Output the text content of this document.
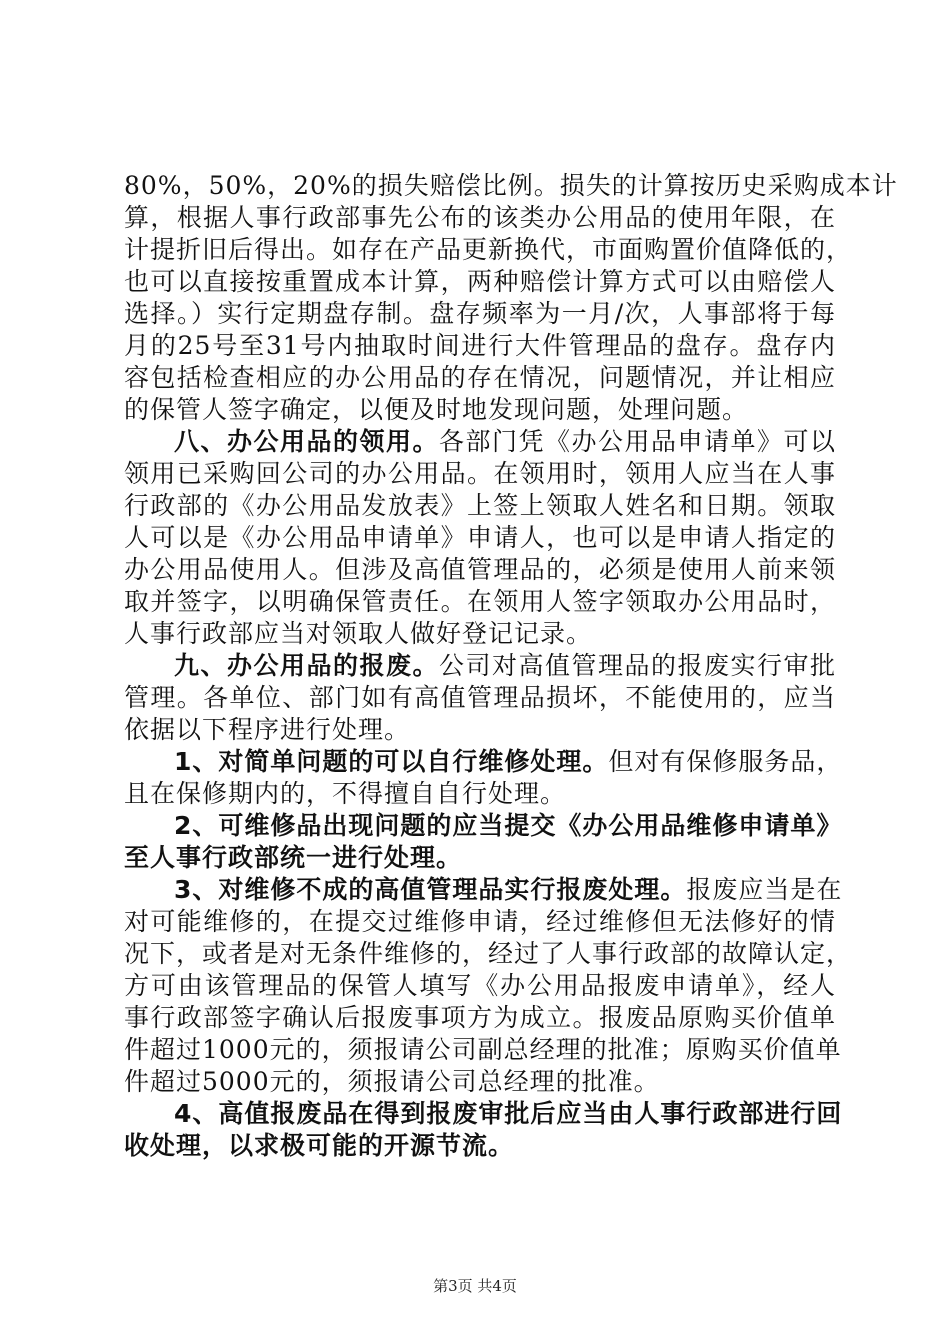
80%，50%，20%的损失赔偿比例。损失的计算按历史采购成本计
算，根据人事行政部事先公布的该类办公用品的使用年限，在
计提折旧后得出。如存在产品更新换代，市面购置价值降低的，
也可以直接按重置成本计算，两种赔偿计算方式可以由赔偿人
选择。）实行定期盘存制。盘存频率为一月/次，人事部将于每
月的25号至31号内抽取时间进行大件管理品的盘存。盘存内
容包括检查相应的办公用品的存在情况，问题情况，并让相应
的保管人签字确定，以便及时地发现问题，处理问题。
八、办公用品的领用。各部门凭《办公用品申请单》可以
领用已采购回公司的办公用品。在领用时，领用人应当在人事
行政部的《办公用品发放表》上签上领取人姓名和日期。领取
人可以是《办公用品申请单》申请人，也可以是申请人指定的
办公用品使用人。但涉及高值管理品的，必须是使用人前来领
取并签字，以明确保管责任。在领用人签字领取办公用品时，
人事行政部应当对领取人做好登记记录。
九、办公用品的报废。公司对高值管理品的报废实行审批
管理。各单位、部门如有高值管理品损坏，不能使用的，应当
依据以下程序进行处理。
1、对简单问题的可以自行维修处理。但对有保修服务品，
且在保修期内的，不得擅自自行处理。
2、可维修品出现问题的应当提交《办公用品维修申请单》
至人事行政部统一进行处理。
3、对维修不成的高值管理品实行报废处理。报废应当是在
对可能维修的，在提交过维修申请，经过维修但无法修好的情
况下，或者是对无条件维修的，经过了人事行政部的故障认定，
方可由该管理品的保管人填写《办公用品报废申请单》，经人
事行政部签字确认后报废事项方为成立。报废品原购买价值单
件超过1000元的，须报请公司副总经理的批准；原购买价值单
件超过5000元的，须报请公司总经理的批准。
4、高值报废品在得到报废审批后应当由人事行政部进行回
收处理，以求极可能的开源节流。
第3页 共4页
